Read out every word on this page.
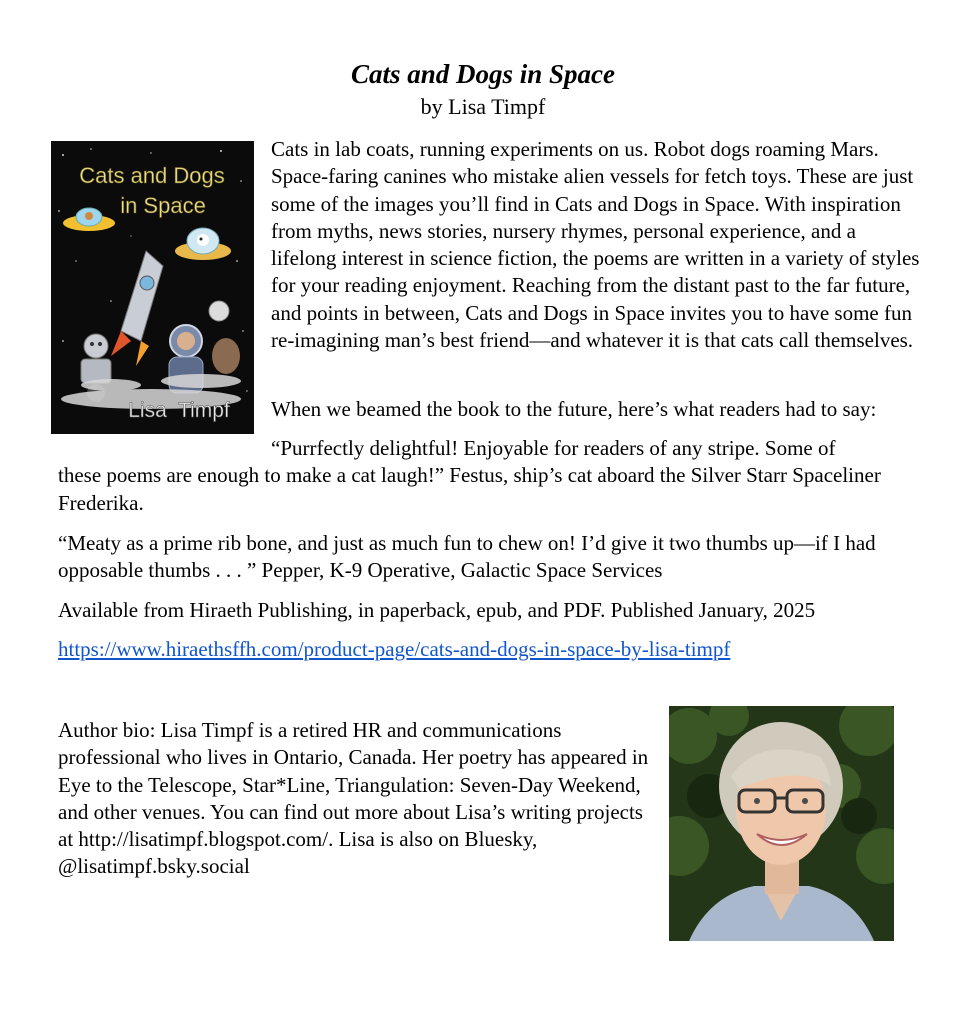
Cats and Dogs in Space
by Lisa Timpf
Cats and Dogs
in Space
Lisa  Timpf
Cats in lab coats, running experiments on us. Robot dogs roaming Mars. Space-faring canines who mistake alien vessels for fetch toys. These are just some of the images you’ll find in Cats and Dogs in Space. With inspiration from myths, news stories, nursery rhymes, personal experience, and a lifelong interest in science fiction, the poems are written in a variety of styles for your reading enjoyment. Reaching from the distant past to the far future, and points in between, Cats and Dogs in Space invites you to have some fun re-imagining man’s best friend—and whatever it is that cats call themselves.
When we beamed the book to the future, here’s what readers had to say:
“Purrfectly delightful! Enjoyable for readers of any stripe. Some of
these poems are enough to make a cat laugh!” Festus, ship’s cat aboard the Silver Starr Spaceliner Frederika.
“Meaty as a prime rib bone, and just as much fun to chew on! I’d give it two thumbs up—if I had opposable thumbs . . . ” Pepper, K-9 Operative, Galactic Space Services
Available from Hiraeth Publishing, in paperback, epub, and PDF. Published January, 2025
https://www.hiraethsffh.com/product-page/cats-and-dogs-in-space-by-lisa-timpf
Author bio: Lisa Timpf is a retired HR and communications professional who lives in Ontario, Canada. Her poetry has appeared in Eye to the Telescope, Star*Line, Triangulation: Seven-Day Weekend, and other venues. You can find out more about Lisa’s writing projects at http://lisatimpf.blogspot.com/. Lisa is also on Bluesky, @lisatimpf.bsky.social
